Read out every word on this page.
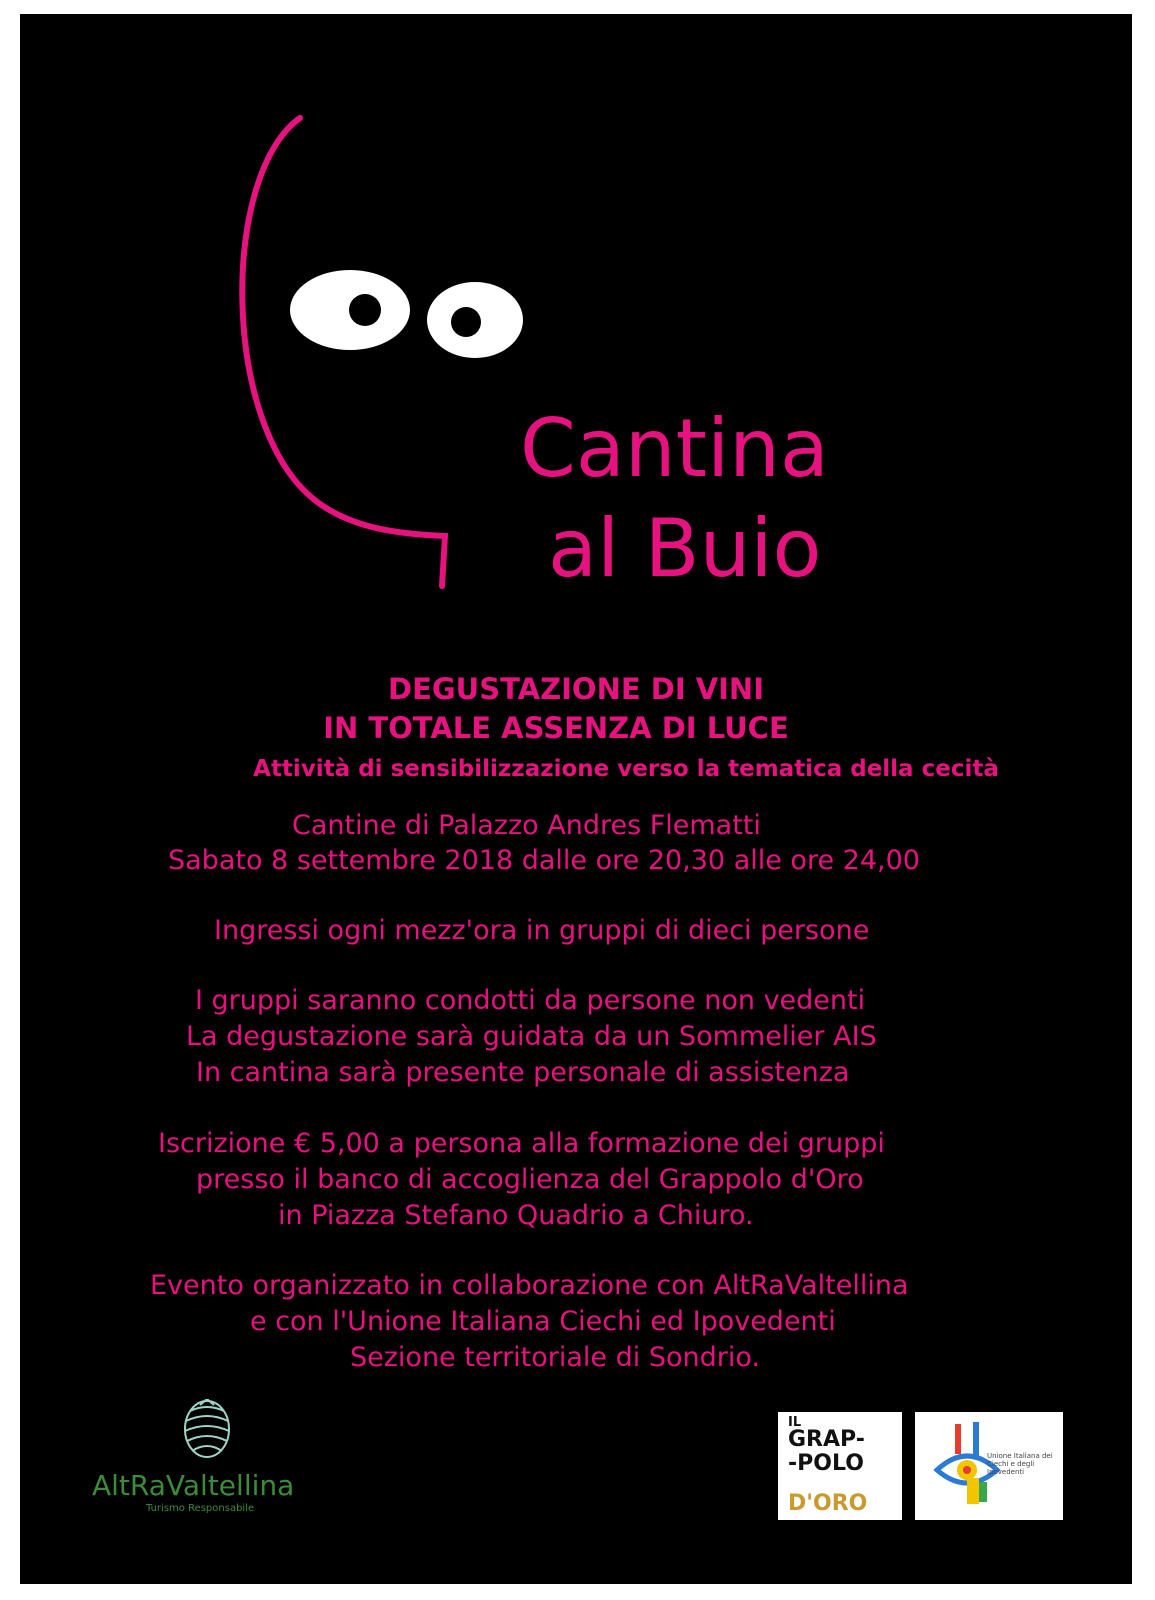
Cantina
al Buio
DEGUSTAZIONE DI VINI
IN TOTALE ASSENZA DI LUCE
Attività di sensibilizzazione verso la tematica della cecità
Cantine di Palazzo Andres Flematti
Sabato 8 settembre 2018 dalle ore 20,30 alle ore 24,00
Ingressi ogni mezz'ora in gruppi di dieci persone
I gruppi saranno condotti da persone non vedenti
La degustazione sarà guidata da un Sommelier AIS
In cantina sarà presente personale di assistenza
Iscrizione € 5,00 a persona alla formazione dei gruppi
presso il banco di accoglienza del Grappolo d'Oro
in Piazza Stefano Quadrio a Chiuro.
Evento organizzato in collaborazione con AltRaValtellina
e con l'Unione Italiana Ciechi ed Ipovedenti
Sezione territoriale di Sondrio.
AltRaValtellina
Turismo Responsabile
IL
GRAP-
-POLO
D'ORO
Unione Italiana dei Ciechi e degli Ipovedenti
